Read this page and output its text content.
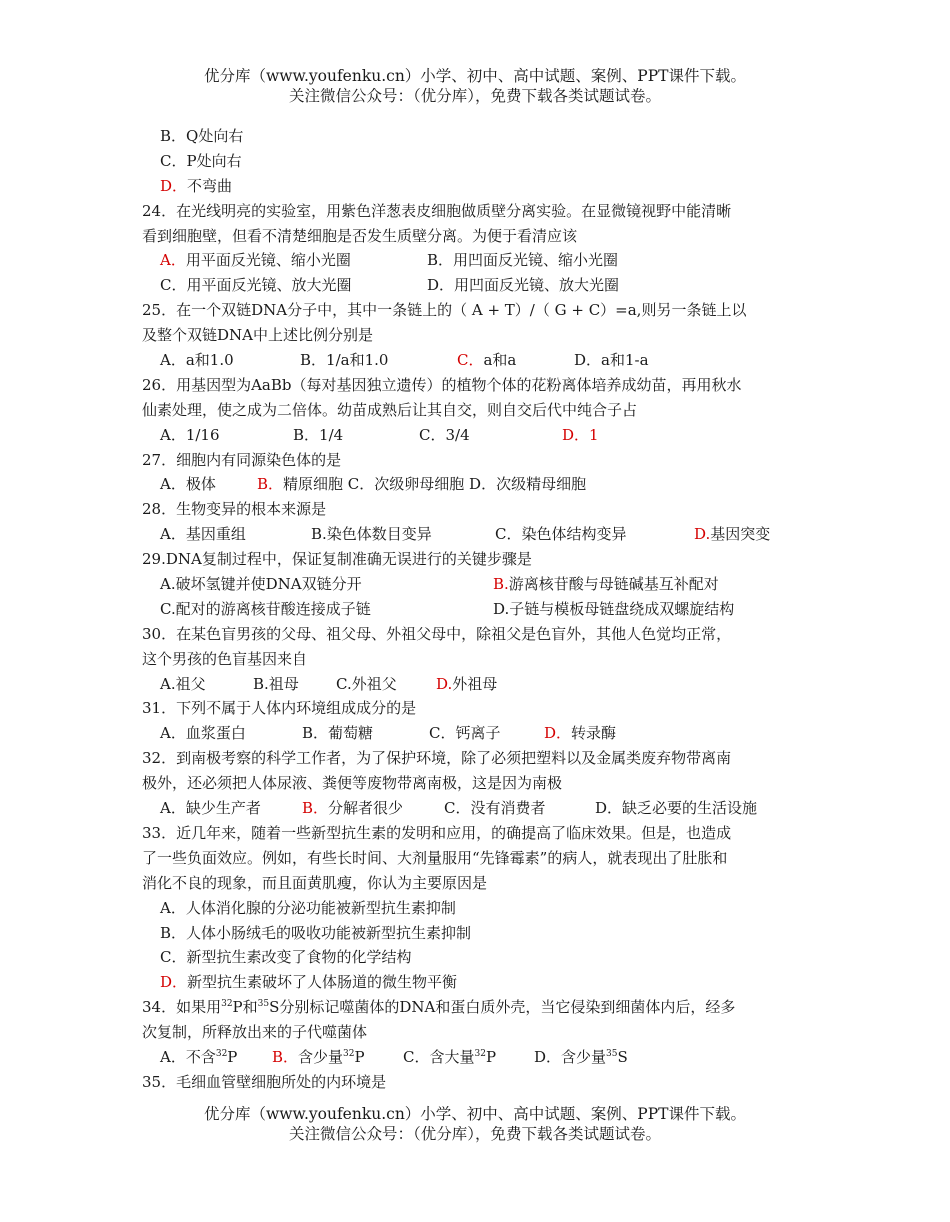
优分库（www.youfenku.cn）小学、初中、高中试题、案例、PPT课件下载。
关注微信公众号：（优分库），免费下载各类试题试卷。
B．Q处向右
C．P处向右
D．不弯曲
24．在光线明亮的实验室，用紫色洋葱表皮细胞做质壁分离实验。在显微镜视野中能清晰
看到细胞壁，但看不清楚细胞是否发生质壁分离。为便于看清应该
A．用平面反光镜、缩小光圈	B．用凹面反光镜、缩小光圈
C．用平面反光镜、放大光圈	D．用凹面反光镜、放大光圈
25．在一个双链DNA分子中，其中一条链上的（ A + T）/（ G + C）=a,则另一条链上以
及整个双链DNA中上述比例分别是
A．a和1.0	B．1/a和1.0	C．a和a	D．a和1-a
26．用基因型为AaBb（每对基因独立遗传）的植物个体的花粉离体培养成幼苗，再用秋水
仙素处理，使之成为二倍体。幼苗成熟后让其自交，则自交后代中纯合子占
A．1/16	B．1/4	C．3/4	D．1
27．细胞内有同源染色体的是
A．极体	B．精原细胞 C．次级卵母细胞 D．次级精母细胞
28．生物变异的根本来源是
A．基因重组	B.染色体数目变异	C．染色体结构变异	D.基因突变
29.DNA复制过程中，保证复制准确无误进行的关键步骤是
A.破坏氢键并使DNA双链分开	B.游离核苷酸与母链碱基互补配对
C.配对的游离核苷酸连接成子链	D.子链与模板母链盘绕成双螺旋结构
30．在某色盲男孩的父母、祖父母、外祖父母中，除祖父是色盲外，其他人色觉均正常，
这个男孩的色盲基因来自
A.祖父	B.祖母 C.外祖父	D.外祖母
31．下列不属于人体内环境组成成分的是
A．血浆蛋白	B．葡萄糖	C．钙离子	D．转录酶
32．到南极考察的科学工作者，为了保护环境，除了必须把塑料以及金属类废弃物带离南
极外，还必须把人体尿液、粪便等废物带离南极，这是因为南极
A．缺少生产者	B．分解者很少	C．没有消费者	D．缺乏必要的生活设施
33．近几年来，随着一些新型抗生素的发明和应用，的确提高了临床效果。但是，也造成
了一些负面效应。例如，有些长时间、大剂量服用“先锋霉素”的病人，就表现出了肚胀和
消化不良的现象，而且面黄肌瘦，你认为主要原因是
A．人体消化腺的分泌功能被新型抗生素抑制
B．人体小肠绒毛的吸收功能被新型抗生素抑制
C．新型抗生素改变了食物的化学结构
D．新型抗生素破坏了人体肠道的微生物平衡
34．如果用$^{32}$P和$^{35}$S分别标记噬菌体的DNA和蛋白质外壳，当它侵染到细菌体内后，经多
次复制，所释放出来的子代噬菌体
A．不含$^{32}$P B．含少量$^{32}$P	C．含大量$^{32}$P	D．含少量$^{35}$S
35．毛细血管壁细胞所处的内环境是
优分库（www.youfenku.cn）小学、初中、高中试题、案例、PPT课件下载。
关注微信公众号：（优分库），免费下载各类试题试卷。
